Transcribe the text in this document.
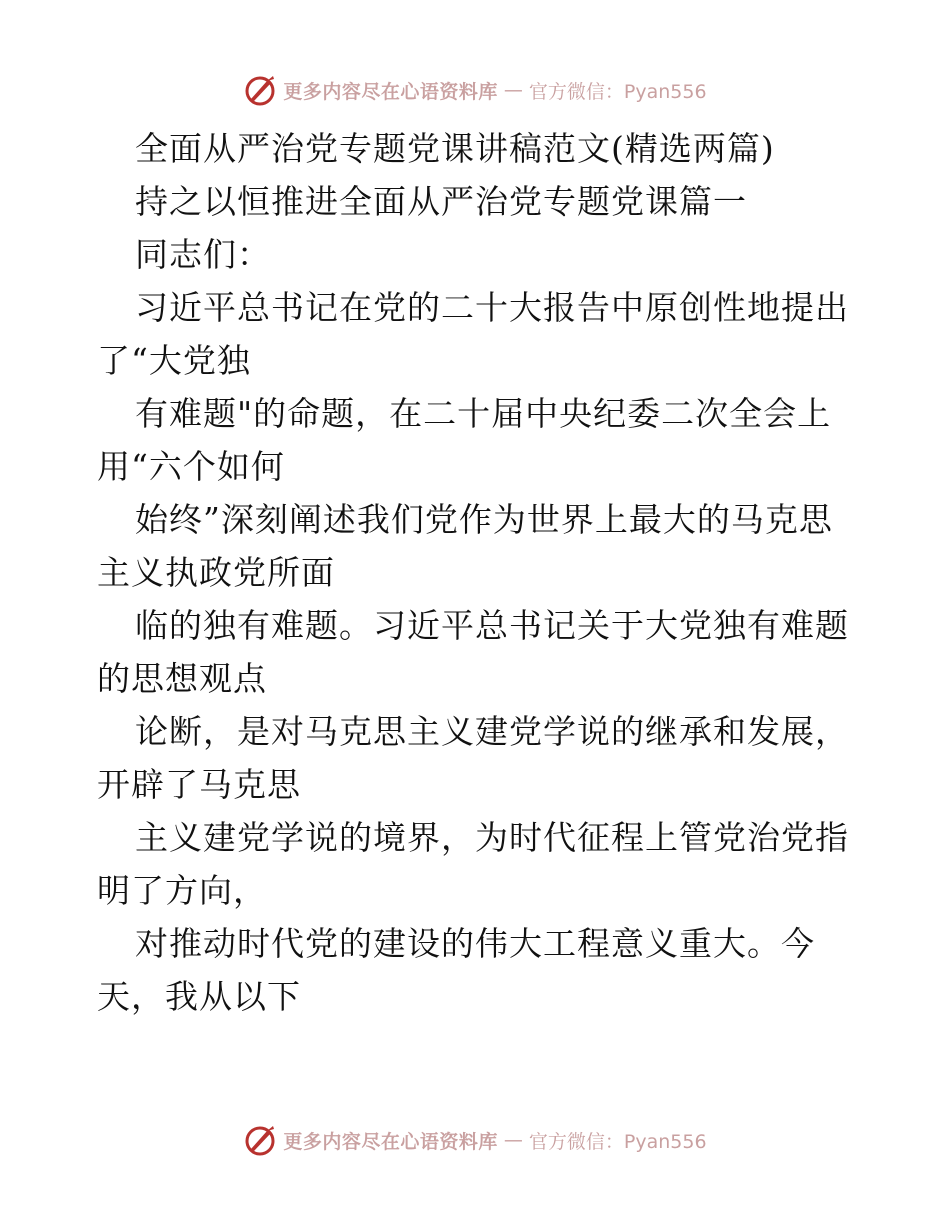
更多内容尽在心语资料库 — 官方微信：Pyan556
全面从严治党专题党课讲稿范文(精选两篇)
持之以恒推进全面从严治党专题党课篇一
同志们：
习近平总书记在党的二十大报告中原创性地提出
了“大党独
有难题"的命题，在二十届中央纪委二次全会上
用“六个如何
始终”深刻阐述我们党作为世界上最大的马克思
主义执政党所面
临的独有难题。习近平总书记关于大党独有难题
的思想观点
论断，是对马克思主义建党学说的继承和发展，
开辟了马克思
主义建党学说的境界，为时代征程上管党治党指
明了方向，
对推动时代党的建设的伟大工程意义重大。今
天，我从以下
更多内容尽在心语资料库 — 官方微信：Pyan556
